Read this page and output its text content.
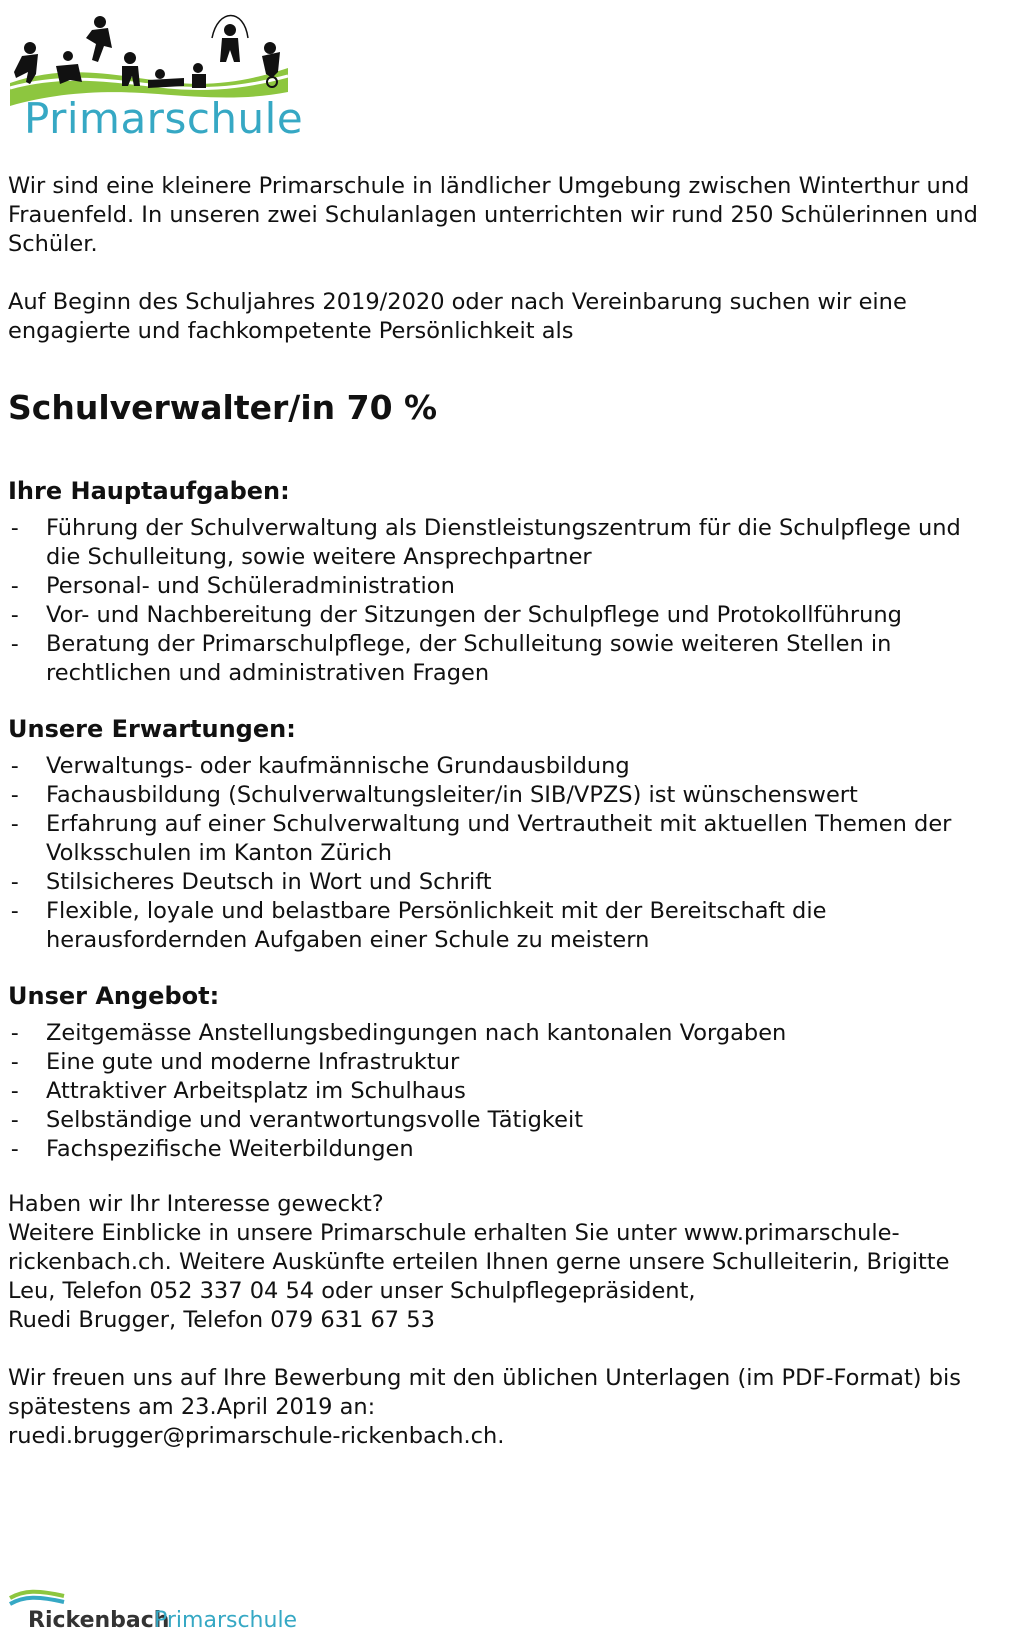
Primarschule

Wir sind eine kleinere Primarschule in ländlicher Umgebung zwischen Winterthur und Frauenfeld. In unseren zwei Schulanlagen unterrichten wir rund 250 Schülerinnen und Schüler.

Auf Beginn des Schuljahres 2019/2020 oder nach Vereinbarung suchen wir eine engagierte und fachkompetente Persönlichkeit als

Schulverwalter/in 70 %
Ihre Hauptaufgaben:
- Führung der Schulverwaltung als Dienstleistungszentrum für die Schulpflege und die Schulleitung, sowie weitere Ansprechpartner
- Personal- und Schüleradministration
- Vor- und Nachbereitung der Sitzungen der Schulpflege und Protokollführung
- Beratung der Primarschulpflege, der Schulleitung sowie weiteren Stellen in rechtlichen und administrativen Fragen
Unsere Erwartungen:
- Verwaltungs- oder kaufmännische Grundausbildung
- Fachausbildung (Schulverwaltungsleiter/in SIB/VPZS) ist wünschenswert
- Erfahrung auf einer Schulverwaltung und Vertrautheit mit aktuellen Themen der Volksschulen im Kanton Zürich
- Stilsicheres Deutsch in Wort und Schrift
- Flexible, loyale und belastbare Persönlichkeit mit der Bereitschaft die herausfordernden Aufgaben einer Schule zu meistern
Unser Angebot:
- Zeitgemässe Anstellungsbedingungen nach kantonalen Vorgaben
- Eine gute und moderne Infrastruktur
- Attraktiver Arbeitsplatz im Schulhaus
- Selbständige und verantwortungsvolle Tätigkeit
- Fachspezifische Weiterbildungen

Haben wir Ihr Interesse geweckt?

Weitere Einblicke in unsere Primarschule erhalten Sie unter www.primarschule-

rickenbach.ch. Weitere Auskünfte erteilen Ihnen gerne unsere Schulleiterin, Brigitte

Leu, Telefon 052 337 04 54 oder unser Schulpflegepräsident,

Ruedi Brugger, Telefon 079 631 67 53

Wir freuen uns auf Ihre Bewerbung mit den üblichen Unterlagen (im PDF-Format) bis

spätestens am 23.April 2019 an:

ruedi.brugger@primarschule-rickenbach.ch.

Rickenbach
Primarschule
